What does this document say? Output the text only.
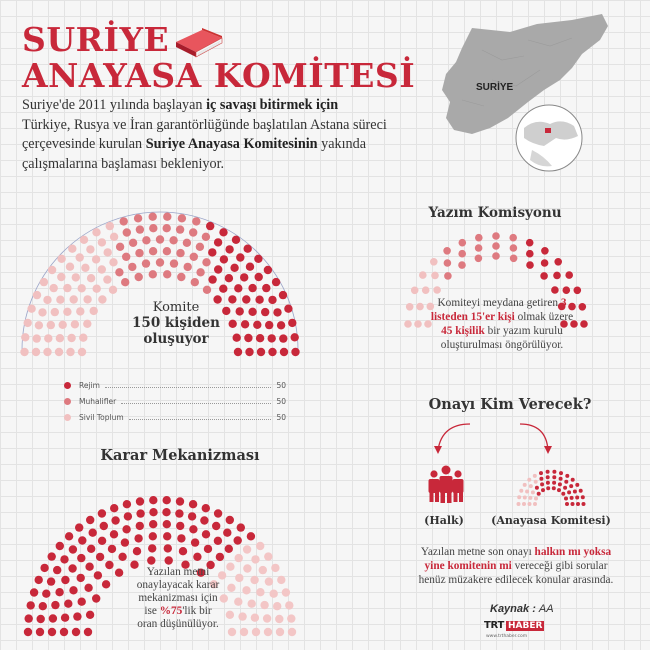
SURİYE
ANAYASA KOMİTESİ
Suriye'de 2011 yılında başlayan iç savaşı bitirmek için Türkiye, Rusya ve İran garantörlüğünde başlatılan Astana süreci çerçevesinde kurulan Suriye Anayasa Komitesinin yakında çalışmalarına başlaması bekleniyor.
SURİYE
Komite
150 kişiden
oluşuyor
Rejim	50
Muhalifler	50
Sivil Toplum	50
Yazım Komisyonu
Komiteyi meydana getiren 3 listeden 15'er kişi olmak üzere 45 kişilik bir yazım kurulu oluşturulması öngörülüyor.
Onayı Kim Verecek?
(Halk)	(Anayasa Komitesi)
Yazılan metne son onayı halkın mı yoksa yine komitenin mi vereceği gibi sorular henüz müzakere edilecek konular arasında.
Karar Mekanizması
Yazılan metni
onaylayacak karar
mekanizması için
ise %75'lik bir
oran düşünülüyor.
Kaynak : AA
TRT HABER
www.trthaber.com
